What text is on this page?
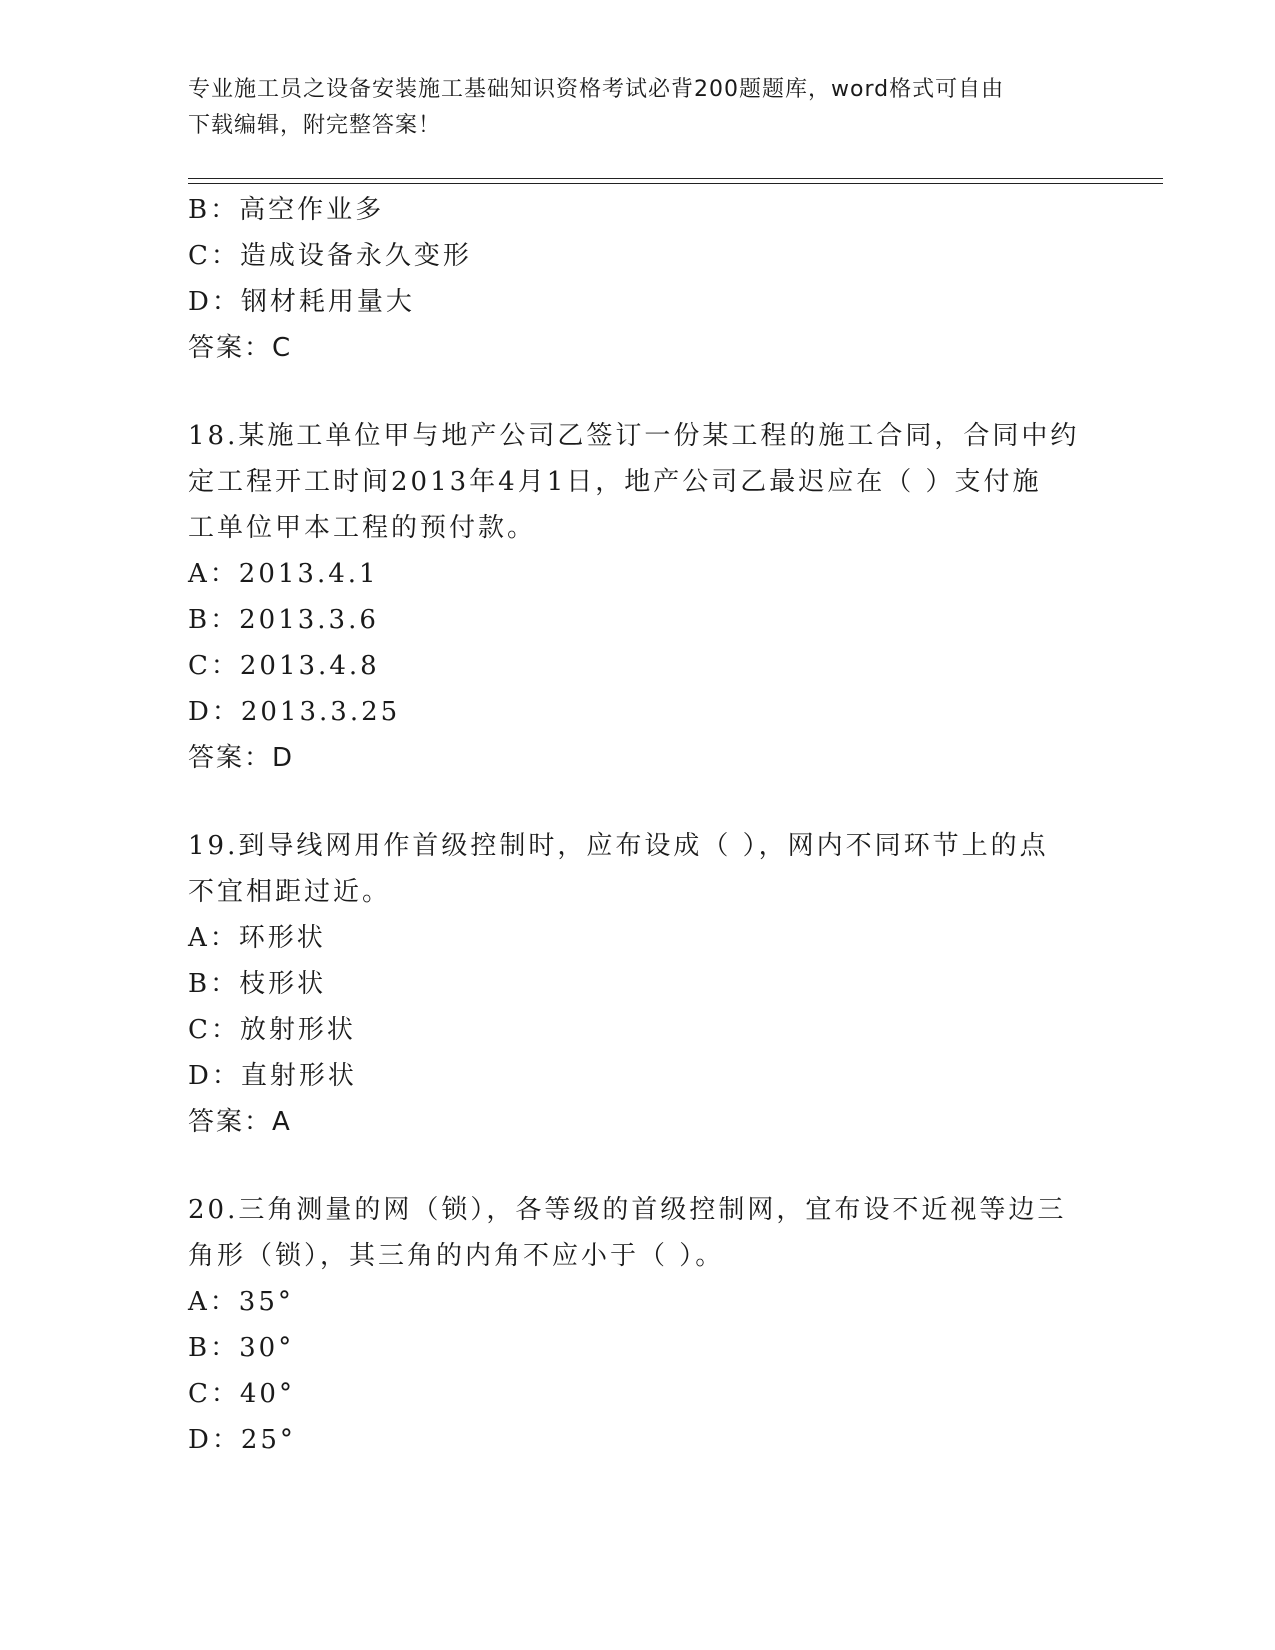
专业施工员之设备安装施工基础知识资格考试必背200题题库，word格式可自由
下载编辑，附完整答案！
B：高空作业多
C：造成设备永久变形
D：钢材耗用量大
答案：C
18.某施工单位甲与地产公司乙签订一份某工程的施工合同，合同中约
定工程开工时间2013年4月1日，地产公司乙最迟应在（ ）支付施
工单位甲本工程的预付款。
A：2013.4.1
B：2013.3.6
C：2013.4.8
D：2013.3.25
答案：D
19.到导线网用作首级控制时，应布设成（ ），网内不同环节上的点
不宜相距过近。
A：环形状
B：枝形状
C：放射形状
D：直射形状
答案：A
20.三角测量的网（锁），各等级的首级控制网，宜布设不近视等边三
角形（锁），其三角的内角不应小于（ ）。
A：35°
B：30°
C：40°
D：25°
